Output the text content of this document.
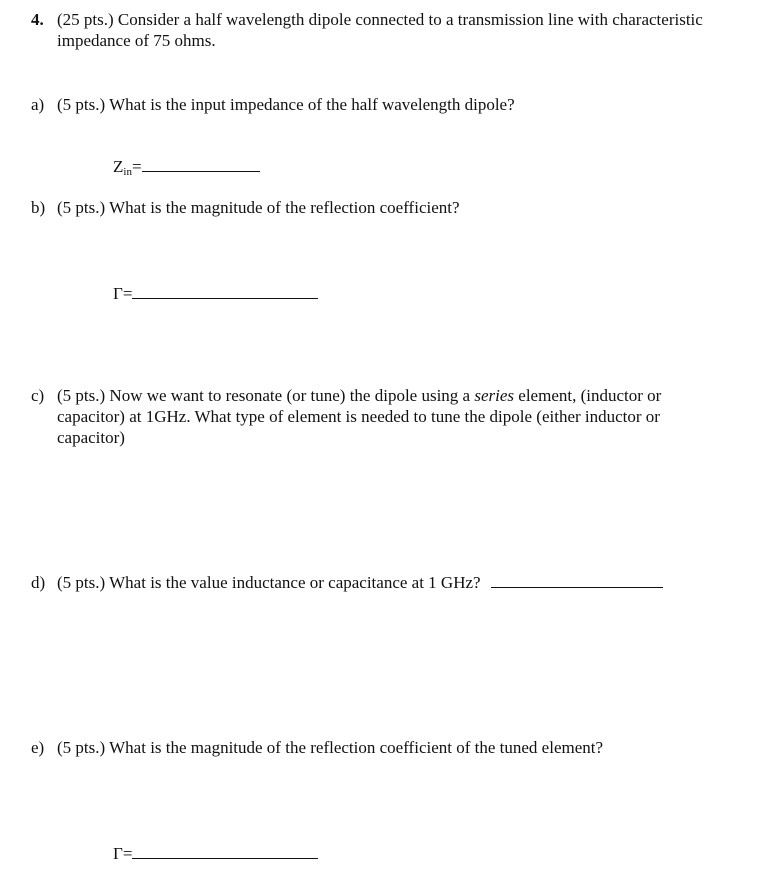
4. (25 pts.) Consider a half wavelength dipole connected to a transmission line with characteristic
impedance of 75 ohms.
a) (5 pts.) What is the input impedance of the half wavelength dipole?
Zin=
b) (5 pts.) What is the magnitude of the reflection coefficient?
Γ=
c) (5 pts.) Now we want to resonate (or tune) the dipole using a series element, (inductor or
capacitor) at 1GHz. What type of element is needed to tune the dipole (either inductor or
capacitor)
d) (5 pts.) What is the value inductance or capacitance at 1 GHz?
e) (5 pts.) What is the magnitude of the reflection coefficient of the tuned element?
Γ=
